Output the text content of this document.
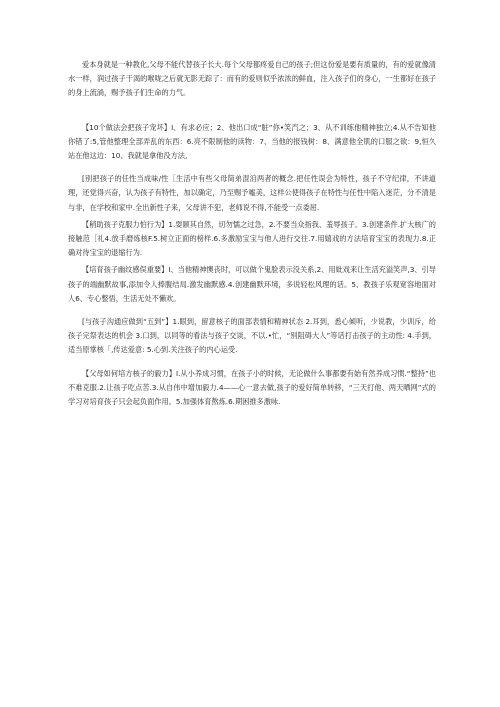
爱本身就是一种教化,父母不能代替孩子长大.每个父母都疼爱自己的孩子;但这份爱是要有质量的，有的爱就像清水一样，润过孩子干渴的喉咙之后就无影无踪了：而有的爱则似乎浓浓的鲜血，注入孩子们的身心，一生都好在孩子的身上流淌，赐予孩子们生命的力气。

【10个做法会把孩子宠坏】I、有求必应；2、他出口成“脏”你•笑汽之；3、从不训练他精神独立;4.从不告知他你错了:5,管他整理全部弄乱的东西：6.亮不限制他的读物：7、当他的报钱树：8、满意他全肌的口服之欲：9,恒久站在他这边：10、我就是拿他没方法,

[别把孩子的任性当成味/性［生活中有些父母简弟混洎两者的概念.把任性误会为特性，孩子不守纪律，不讲道理，还觉得兴奋，认为孩子有特性，加以确定，乃至赐予嘘美，这样公使得孩子在特性与任性中陷入迷茫，分不清是与非，在学校和家中.全出新性子来，父母讲不犯，老师说不得,不能受一点委屈.

【稍助孩子克服力怕行为】1.耍颐其自然，切勿懦之过急，2.不要当众指我、羞辱孩子。3.创建条件.扩大核广的接触范［礼4.放手磨炼核F.5.树立正面的榜样.6.多激励宝宝与他人进行交往.7.用嬉戏的方法培育宝宝的表现力.8.正确对待宝宝的退缩行为.

【培育孩子幽纹感俣重要】I、当他精神懊丧时，可以做个鬼脸表示没关系,2、用妣戏来让生活充溢笑声,3、引导孩子的端幽默故事,添加令人捧腹结局.激发幽默感.4.创建幽默环境，多说轻松风理的话。5、教孩子乐观宽容地面对人6、专心整悟，生活无处不懒欢。

[与孩子沟通应做到“五到”】1.眼到，留意核子的面部表情和精神状态 2.耳到，悉心倾听，少说教，少训斥，给孩子完祭表达的机会 3.口到，以同等的看法与孩子交谈，不以.•忙，“别阻碍大人”等话打击孩子的主动性: 4.手到，适当原掌核「,传达爱意: 5.心到.关注孩子的内心运受.

【父母如何培方核子的毅力】I.从小养成习惯，在孩子小的时候，无论做什么事都要有始有然养成习惯.“整持”也不难克服.2.让孩子吃点苦.3.从自伟中增加毅力.4——心一意去做,孩子的爱好简单转移，“三天打他、两天晒网”式的学习对培育孩子只会起负面作用。5.加强体育熬炼.6.期困推多激咏.
